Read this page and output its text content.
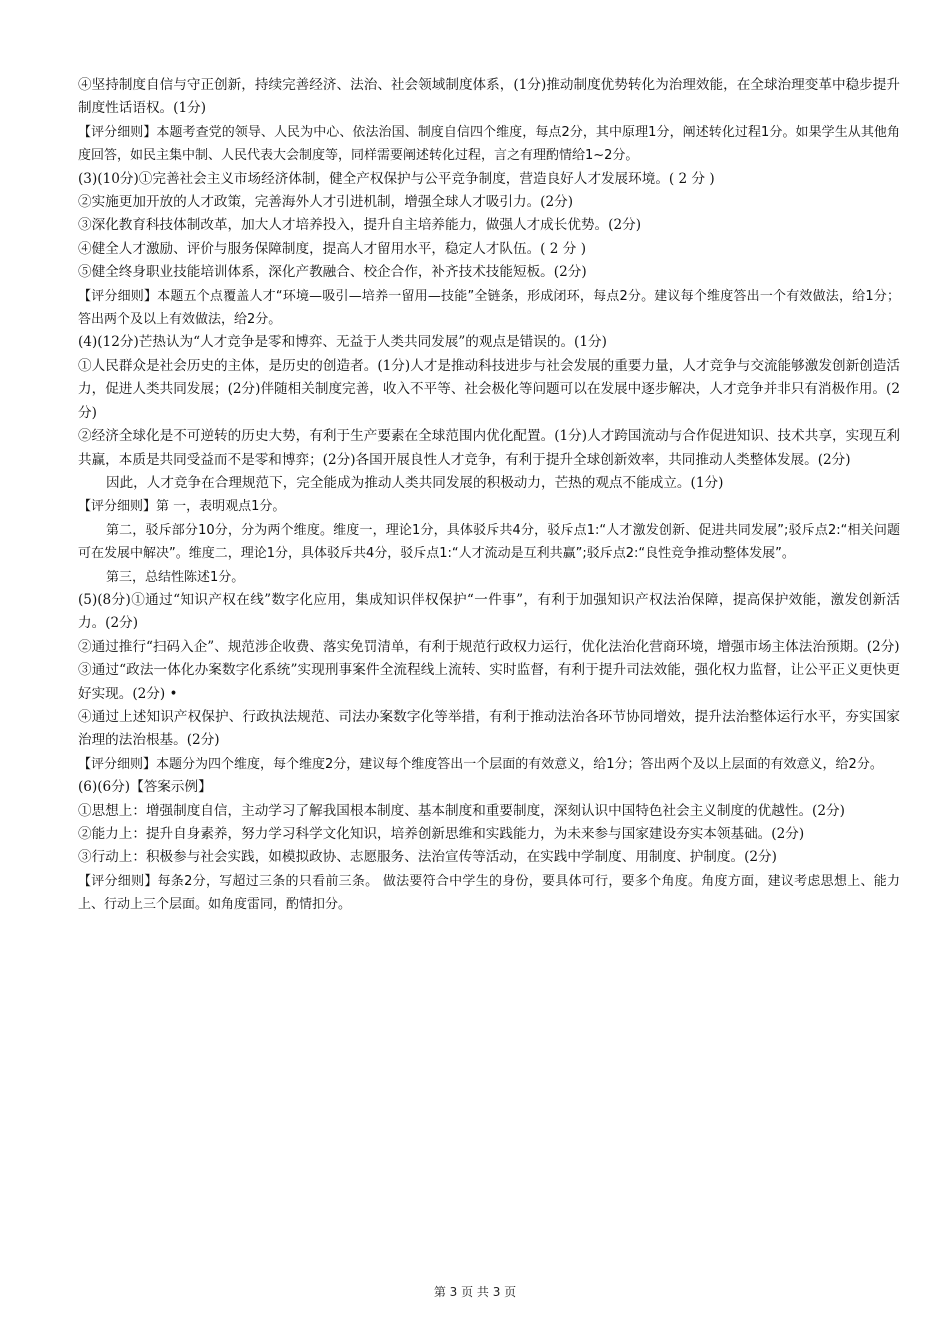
④坚持制度自信与守正创新，持续完善经济、法治、社会领域制度体系，(1分)推动制度优势转化为治理效能，在全球治理变革中稳步提升制度性话语权。(1分)

【评分细则】本题考查党的领导、人民为中心、依法治国、制度自信四个维度，每点2分，其中原理1分，阐述转化过程1分。如果学生从其他角度回答，如民主集中制、人民代表大会制度等，同样需要阐述转化过程，言之有理酌情给1~2分。

(3)(10分)①完善社会主义市场经济体制，健全产权保护与公平竞争制度，营造良好人才发展环境。( 2 分 )

②实施更加开放的人才政策，完善海外人才引进机制，增强全球人才吸引力。(2分)

③深化教育科技体制改革，加大人才培养投入，提升自主培养能力，做强人才成长优势。(2分)

④健全人才激励、评价与服务保障制度，提高人才留用水平，稳定人才队伍。( 2 分 )

⑤健全终身职业技能培训体系，深化产教融合、校企合作，补齐技术技能短板。(2分)

【评分细则】本题五个点覆盖人才“环境—吸引—培养一留用—技能”全链条，形成闭环，每点2分。建议每个维度答出一个有效做法，给1分；答出两个及以上有效做法，给2分。

(4)(12分)芒热认为“人才竞争是零和博弈、无益于人类共同发展”的观点是错误的。(1分)

①人民群众是社会历史的主体，是历史的创造者。(1分)人才是推动科技进步与社会发展的重要力量，人才竞争与交流能够激发创新创造活力，促进人类共同发展；(2分)伴随相关制度完善，收入不平等、社会极化等问题可以在发展中逐步解决，人才竞争并非只有消极作用。(2分)

②经济全球化是不可逆转的历史大势，有利于生产要素在全球范围内优化配置。(1分)人才跨国流动与合作促进知识、技术共享，实现互利共赢，本质是共同受益而不是零和博弈；(2分)各国开展良性人才竞争，有利于提升全球创新效率，共同推动人类整体发展。(2分)

因此，人才竞争在合理规范下，完全能成为推动人类共同发展的积极动力，芒热的观点不能成立。(1分)

【评分细则】第 一，表明观点1分。

第二，驳斥部分10分，分为两个维度。维度一，理论1分，具体驳斥共4分，驳斥点1:“人才激发创新、促进共同发展”;驳斥点2:“相关问题可在发展中解决”。维度二，理论1分，具体驳斥共4分，驳斥点1:“人才流动是互利共赢”;驳斥点2:“良性竞争推动整体发展”。

第三，总结性陈述1分。

(5)(8分)①通过“知识产权在线”数字化应用，集成知识伴权保护“一件事”，有利于加强知识产权法治保障，提高保护效能，激发创新活力。(2分)

②通过推行“扫码入企”、规范涉企收费、落实免罚清单，有利于规范行政权力运行，优化法治化营商环境，增强市场主体法治预期。(2分)

③通过“政法一体化办案数字化系统”实现刑事案件全流程线上流转、实时监督，有利于提升司法效能，强化权力监督，让公平正义更快更好实现。(2分) •

④通过上述知识产权保护、行政执法规范、司法办案数字化等举措，有利于推动法治各环节协同增效，提升法治整体运行水平，夯实国家治理的法治根基。(2分)

【评分细则】本题分为四个维度，每个维度2分，建议每个维度答出一个层面的有效意义，给1分；答出两个及以上层面的有效意义，给2分。

(6)(6分)【答案示例】

①思想上：增强制度自信，主动学习了解我国根本制度、基本制度和重要制度，深刻认识中国特色社会主义制度的优越性。(2分)

②能力上：提升自身素养，努力学习科学文化知识，培养创新思维和实践能力，为未来参与国家建设夯实本领基础。(2分)

③行动上：积极参与社会实践，如模拟政协、志愿服务、法治宣传等活动，在实践中学制度、用制度、护制度。(2分)

【评分细则】每条2分，写超过三条的只看前三条。 做法要符合中学生的身份，要具体可行，要多个角度。角度方面，建议考虑思想上、能力上、行动上三个层面。如角度雷同，酌情扣分。

第 3 页 共 3 页
